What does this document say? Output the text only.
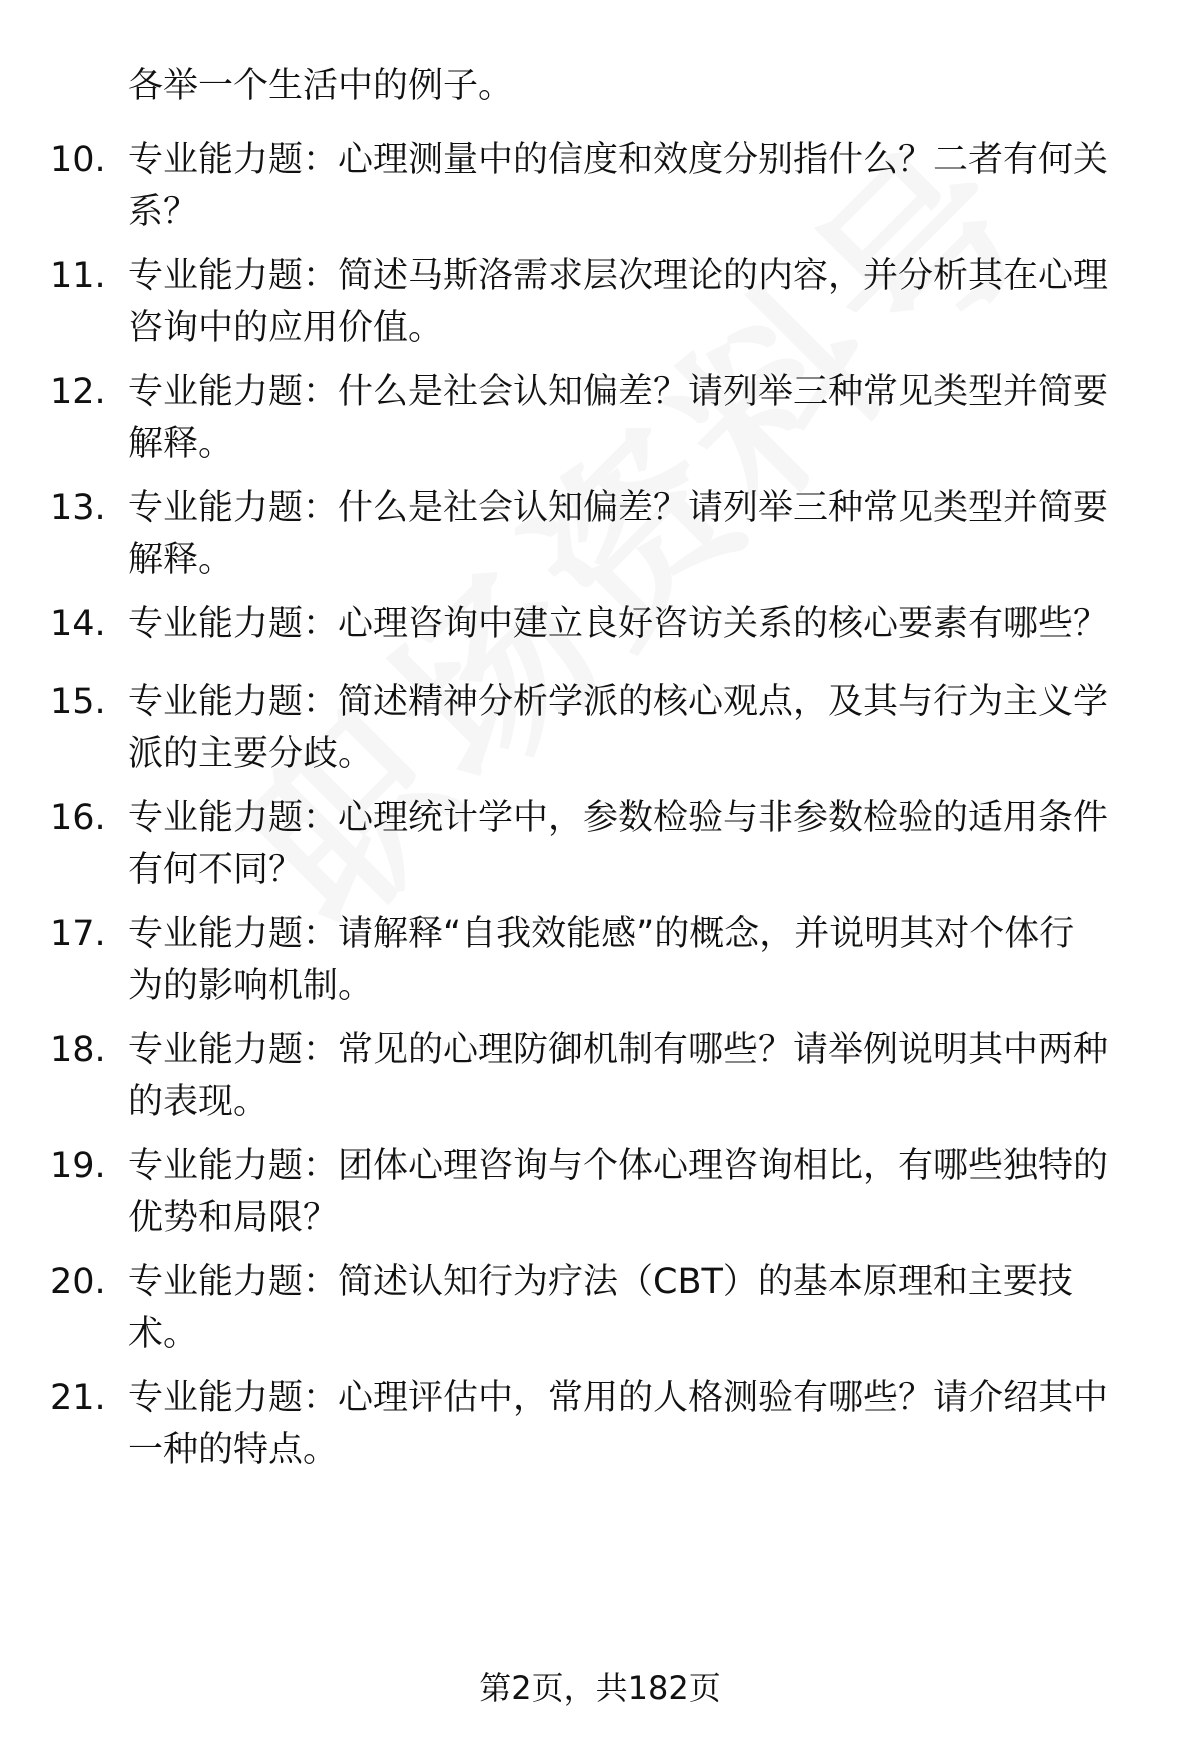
各举一个生活中的例子。
10. 专业能力题：心理测量中的信度和效度分别指什么？二者有何关
系？
11. 专业能力题：简述马斯洛需求层次理论的内容，并分析其在心理
咨询中的应用价值。
12. 专业能力题：什么是社会认知偏差？请列举三种常见类型并简要
解释。
13. 专业能力题：什么是社会认知偏差？请列举三种常见类型并简要
解释。
14. 专业能力题：心理咨询中建立良好咨访关系的核心要素有哪些？
15. 专业能力题：简述精神分析学派的核心观点，及其与行为主义学
派的主要分歧。
16. 专业能力题：心理统计学中，参数检验与非参数检验的适用条件
有何不同？
17. 专业能力题：请解释“自我效能感”的概念，并说明其对个体行
为的影响机制。
18. 专业能力题：常见的心理防御机制有哪些？请举例说明其中两种
的表现。
19. 专业能力题：团体心理咨询与个体心理咨询相比，有哪些独特的
优势和局限？
20. 专业能力题：简述认知行为疗法（CBT）的基本原理和主要技
术。
21. 专业能力题：心理评估中，常用的人格测验有哪些？请介绍其中
一种的特点。
第2页，共182页
